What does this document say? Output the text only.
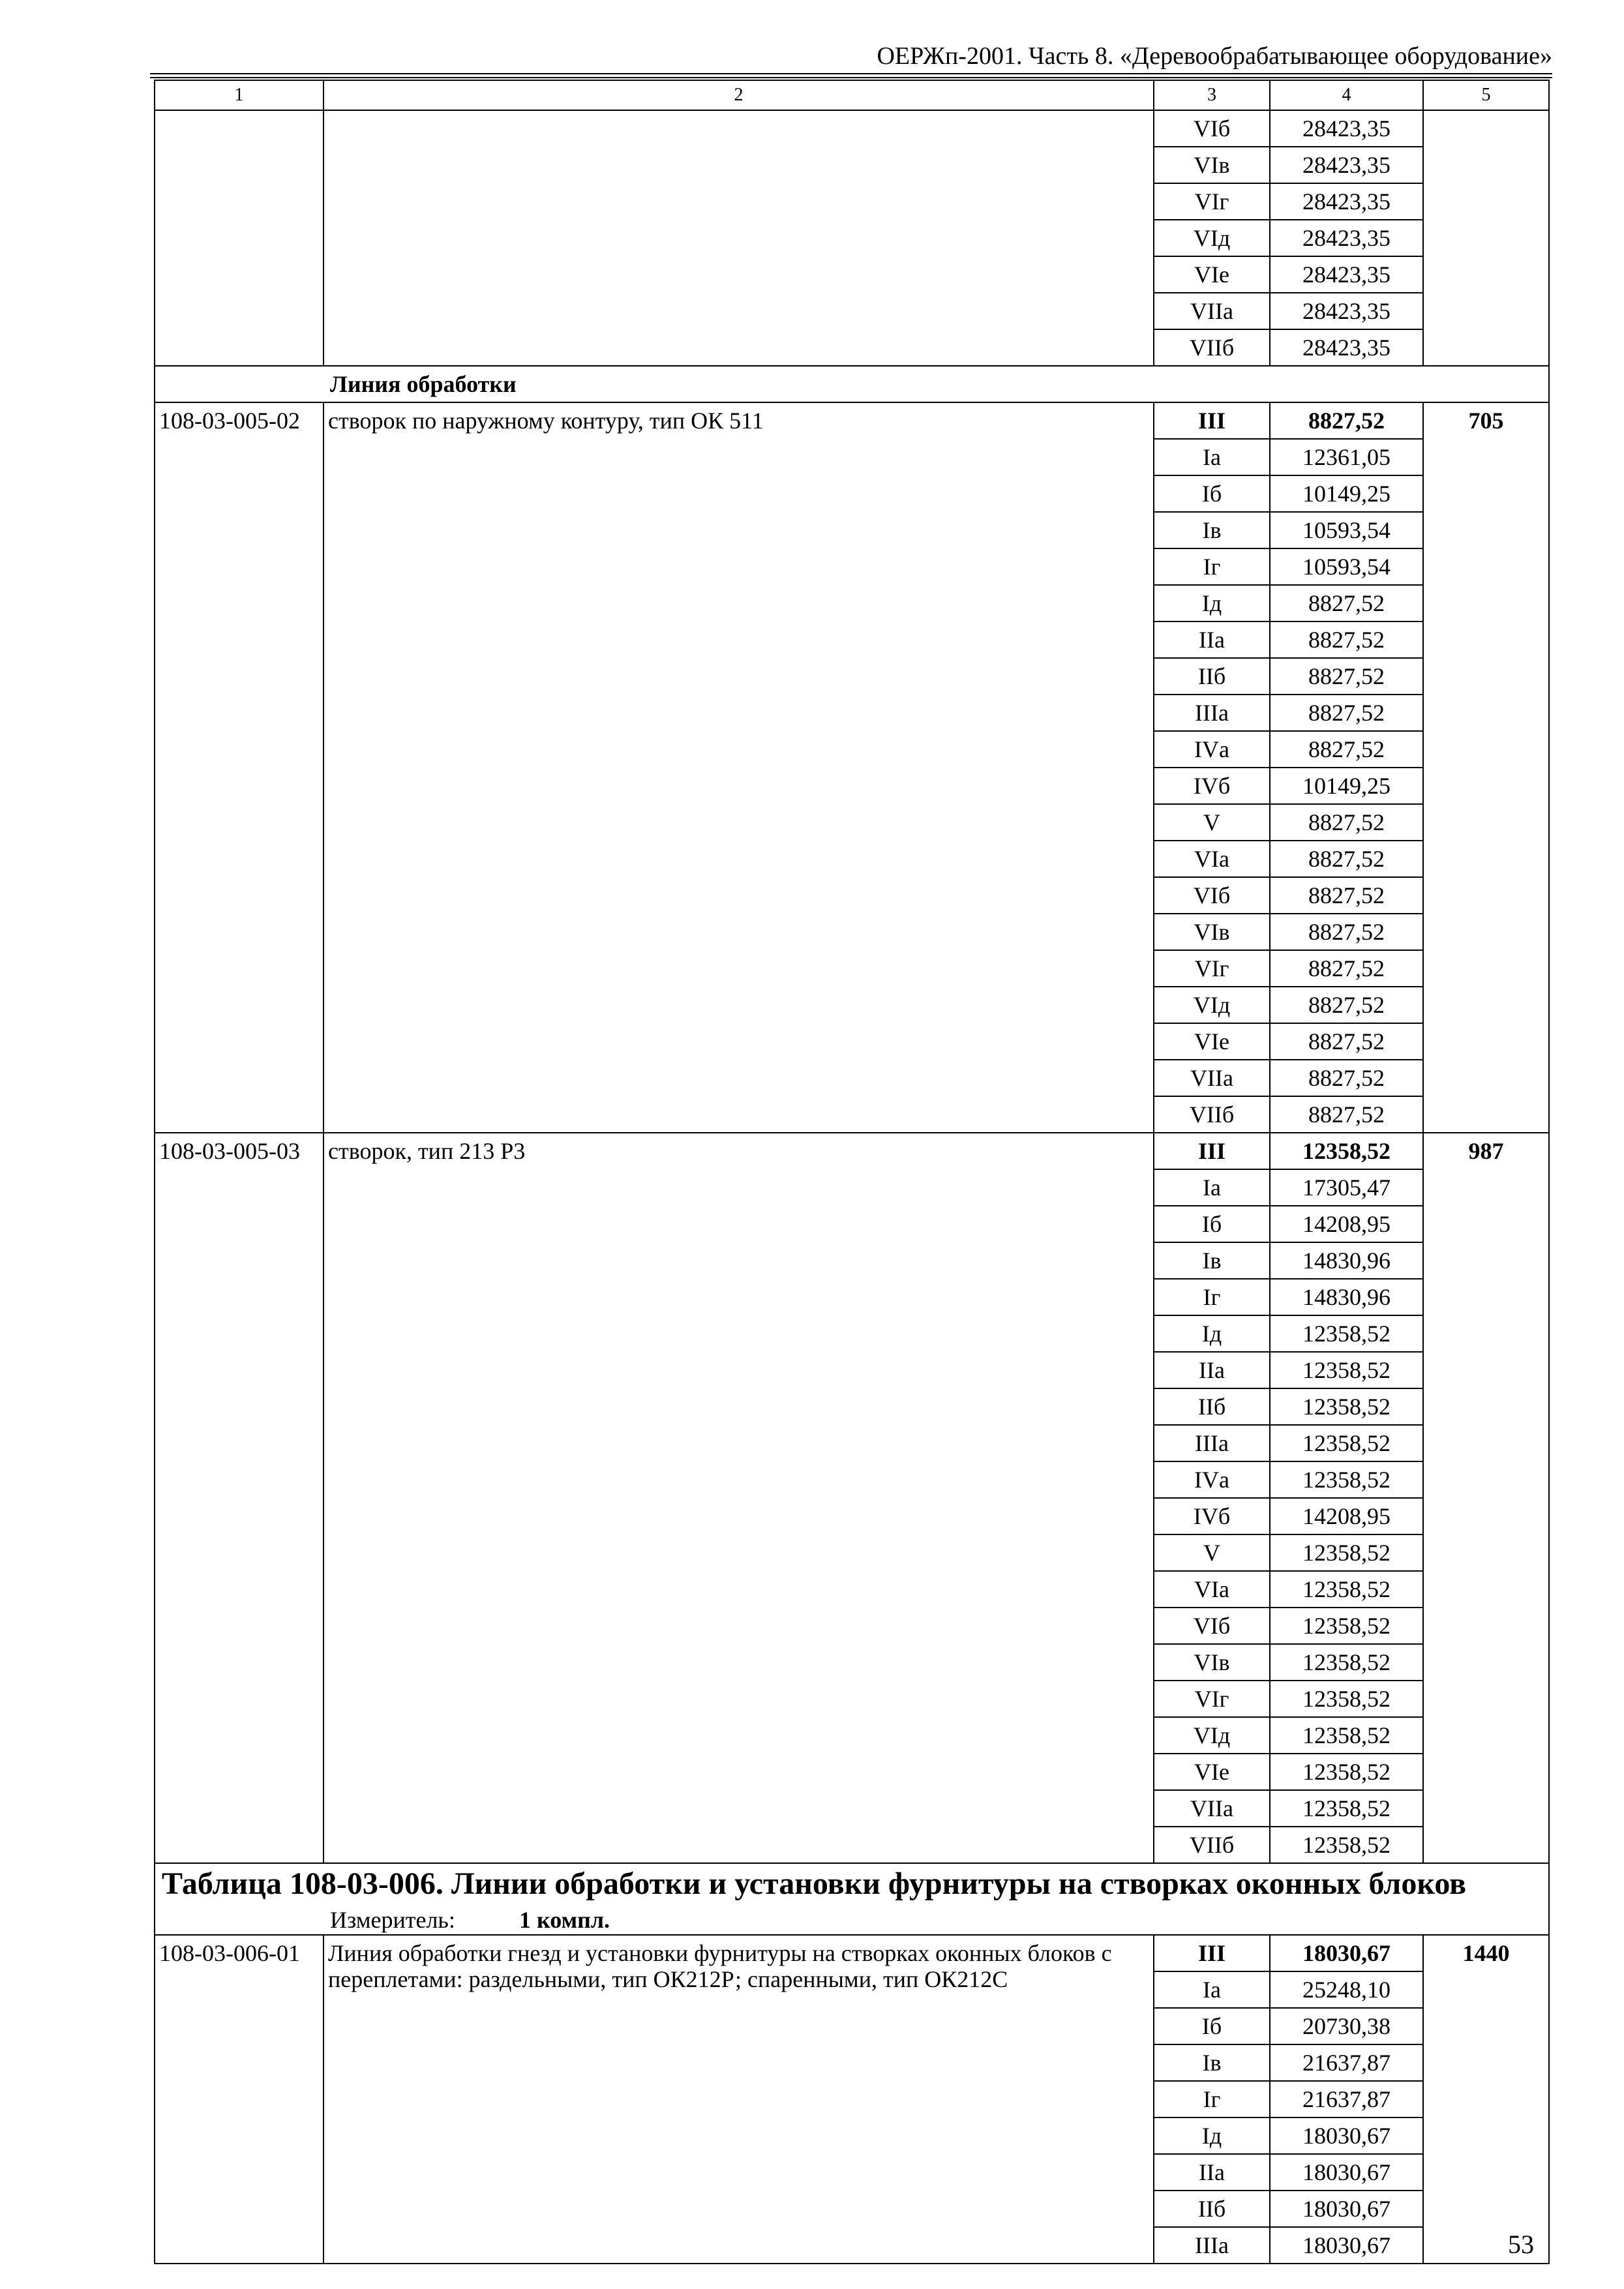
ОЕРЖп-2001. Часть 8. «Деревообрабатывающее оборудование»
1	2	3	4	5
		VIб	28423,35	
		VIв	28423,35	
		VIг	28423,35	
		VIд	28423,35	
		VIе	28423,35	
		VIIа	28423,35	
		VIIб	28423,35	
Линия обработки				
108-03-005-02	створок по наружному контуру, тип ОК 511	III	8827,52	705
		Iа	12361,05	
		Iб	10149,25	
		Iв	10593,54	
		Iг	10593,54	
		Iд	8827,52	
		IIа	8827,52	
		IIб	8827,52	
		IIIа	8827,52	
		IVа	8827,52	
		IVб	10149,25	
		V	8827,52	
		VIа	8827,52	
		VIб	8827,52	
		VIв	8827,52	
		VIг	8827,52	
		VIд	8827,52	
		VIе	8827,52	
		VIIа	8827,52	
		VIIб	8827,52	
108-03-005-03	створок, тип 213 Р3	III	12358,52	987
		Iа	17305,47	
		Iб	14208,95	
		Iв	14830,96	
		Iг	14830,96	
		Iд	12358,52	
		IIа	12358,52	
		IIб	12358,52	
		IIIа	12358,52	
		IVа	12358,52	
		IVб	14208,95	
		V	12358,52	
		VIа	12358,52	
		VIб	12358,52	
		VIв	12358,52	
		VIг	12358,52	
		VIд	12358,52	
		VIе	12358,52	
		VIIа	12358,52	
		VIIб	12358,52	
Таблица 108-03-006. Линии обработки и установки фурнитуры на створках оконных блоков				
Измеритель: 1 компл.				
108-03-006-01	Линия обработки гнезд и установки фурнитуры на створках оконных блоков с переплетами: раздельными, тип ОК212Р; спаренными, тип ОК212С	III	18030,67	1440
		Iа	25248,10	
		Iб	20730,38	
		Iв	21637,87	
		Iг	21637,87	
		Iд	18030,67	
		IIа	18030,67	
		IIб	18030,67	
		IIIа	18030,67		53
